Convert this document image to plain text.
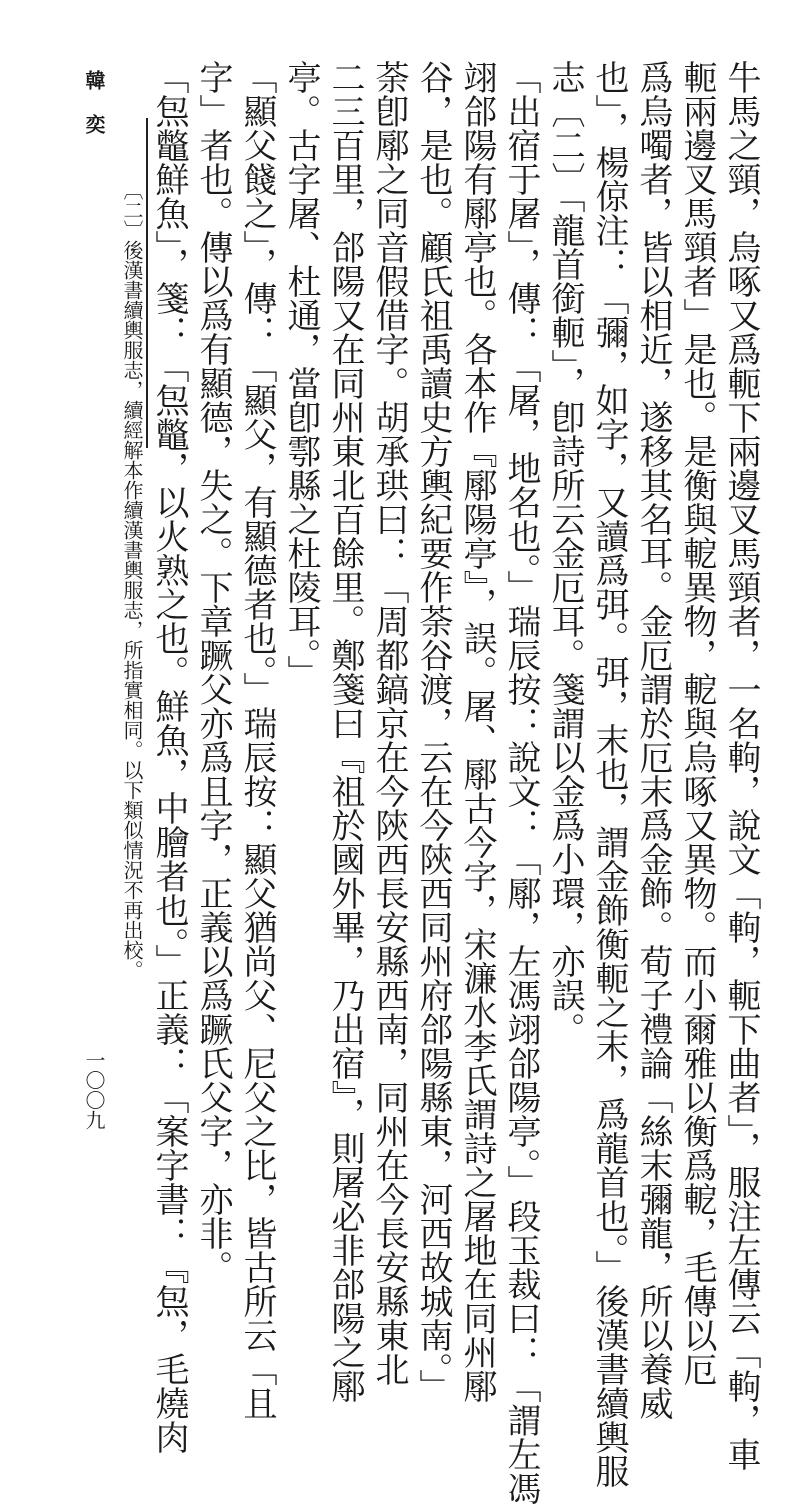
韓 奕
〔二〕後漢書續輿服志，續經解本作續漢書輿服志，所指實相同。以下類似情況不再出校。 「炰鼈鮮魚」，箋：「炰鼈，以火熟之也。鮮魚，中膾者也。」正義：「案字書：『炰，毛燒肉 字」者也。傳以爲有顯德，失之。下章蹶父亦爲且字，正義以爲蹶氏父字，亦非。 「顯父餞之」，傳：「顯父，有顯德者也。」瑞辰按：顯父猶尚父、尼父之比，皆古所云「且 亭。古字屠、杜通，當卽鄠縣之杜陵耳。」 二三百里，郃陽又在同州東北百餘里。鄭箋曰『祖於國外畢，乃出宿』，則屠必非郃陽之鄏 荼卽鄏之同音假借字。胡承珙曰：「周都鎬京在今陝西長安縣西南，同州在今長安縣東北 谷，是也。顧氏祖禹讀史方輿紀要作荼谷渡，云在今陝西同州府郃陽縣東，河西故城南。」 翊郃陽有鄏亭也。各本作『鄏陽亭』，誤。屠、鄏古今字，宋濂水李氏謂詩之屠地在同州鄏 「出宿于屠」，傳：「屠，地名也。」瑞辰按：說文：「鄏，左馮翊郃陽亭。」段玉裁曰：「謂左馮 志〔二〕「龍首銜軛」，卽詩所云金厄耳。箋謂以金爲小環，亦誤。 也」，楊倞注：「彌，如字，又讀爲弭。弭，末也，謂金飾衡軛之末，爲龍首也。」後漢書續輿服 爲烏噣者，皆以相近，遂移其名耳。金厄謂於厄末爲金飾。荀子禮論「絲末彌龍，所以養威 軛兩邊叉馬頸者」是也。是衡與軶異物，軶與烏啄又異物。而小爾雅以衡爲軶，毛傳以厄 牛馬之頸，烏啄又爲軛下兩邊叉馬頸者，一名軥，說文「軥，軛下曲者」，服注左傳云「軥，車
一〇〇九
